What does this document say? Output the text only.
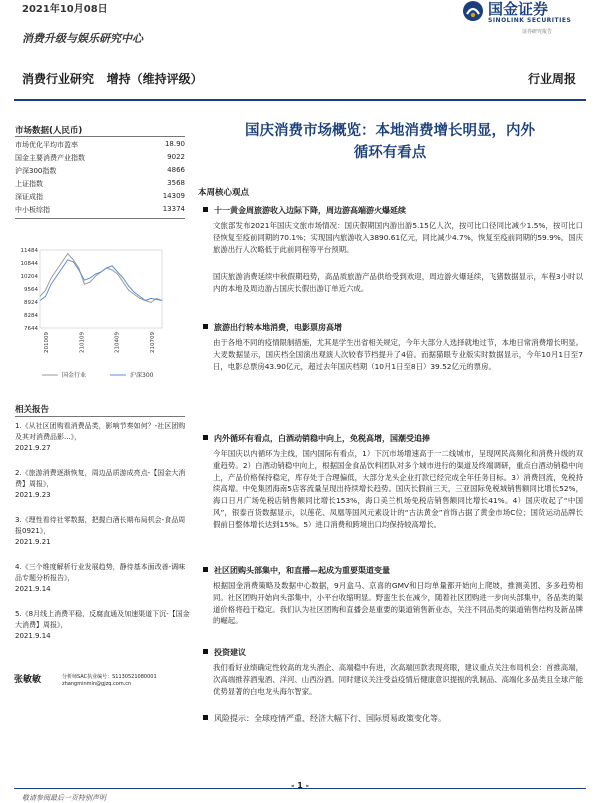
2021年10月08日	国金证券
SINOLINK SECURITIES
证券研究报告
消费升级与娱乐研究中心
消费行业研究 增持（维持评级）	行业周报
市场数据(人民币)
市场优化平均市盈率	18.90
国金主要消费产业指数	9022
沪深300指数	4866
上证指数	3568
深证成指	14309
中小板综指	13374
11484
10844
10204
9564
8924
8284
7644
201009	210109	210409	210709
国金行业	沪深300
相关报告
1.《从社区团购看消费品类，影响节奏如何？-社区团购及其对消费品影...》，
2021.9.27
2.《旅游消费逐渐恢复，周边品质游成亮点-【国金大消费】周报》，
2021.9.23
3.《理性看待社零数据，把握白酒长期布局机会-食品周报0921》，
2021.9.21
4.《三个维度解析行业发展趋势，静待基本面改善-调味品专题分析报告》，
2021.9.14
5.《8月线上消费平稳，反腐直通及加速渠道下沉-【国金大消费】周报》，
2021.9.14
张敏敏	分析师SAC执业编号：S1130521080001
zhangminmin@gjzq.com.cn
国庆消费市场概览：本地消费增长明显，内外
循环有看点
本周核心观点
十一黄金周旅游收入边际下降，周边游高端游火爆延续
文旅部发布2021年国庆文旅市场情况：国庆假期国内游出游5.15亿人次，按可比口径同比减少1.5%，按可比口径恢复至疫前同期的70.1%；实现国内旅游收入3890.61亿元，同比减少4.7%，恢复至疫前同期的59.9%。国庆旅游出行人次略低于此前同程等平台预期。
国庆旅游消费延续中秋假期趋势，高品质旅游产品供给受到欢迎，周边游火爆延续，飞猪数据显示，车程3小时以内的本地及周边游占国庆长假出游订单近六成。
旅游出行转本地消费，电影票房高增
由于各地不同的疫情限制措施，尤其是学生出省相关规定，今年大部分人选择就地过节，本地日常消费增长明显。大麦数据显示，国庆档全国演出观演人次较春节档提升了4倍。而据猫眼专业版实时数据显示，今年10月1日至7日，电影总票房43.90亿元，超过去年国庆档期（10月1日至8日）39.52亿元的票房。
内外循环有看点，白酒动销稳中向上，免税高增，国潮受追捧
今年国庆以内循环为主线，国内国际有看点，1）下沉市场增速高于一二线城市，呈现网民高频化和消费升级的双重趋势。2）白酒动销稳中向上，根据国金食品饮料团队对多个城市进行的渠道及终端调研，重点白酒动销稳中向上，产品价格保持稳定，库存处于合理偏低，大部分龙头企业打款已经完成全年任务目标。3）消费回流，免税持续高增。中免集团海南5店客流量呈现出持续增长趋势。国庆长假前三天，三亚国际免税城销售额同比增长52%，海口日月广场免税店销售额同比增长153%，海口美兰机场免税店销售额同比增长41%。4）国庆收起了“中国风”，银泰百货数据显示，以莲花、凤凰等国风元素设计的“古法黄金”首饰占据了黄金市场C位；国货运动品牌长假前日整体增长达到15%。5）进口消费和跨境出口均保持较高增长。
社区团购头部集中，和直播—起成为重要渠道变量
根据国金消费策略及数据中心数据，9月盒马、京喜的GMV和日均单量都开始向上爬坡，推测美团、多多趋势相同。社区团购开始向头部集中，小平台收缩明显。野蛮生长在减少，随着社区团购进一步向头部集中，各品类的渠道价格将趋于稳定。我们认为社区团购和直播会是重要的渠道销售新业态，关注不同品类的渠道销售结构及新品牌的崛起。
投资建议
我们看好业绩确定性较高的龙头酒企、高端稳中有进，次高端回款表现亮眼，建议重点关注布局机会：首推高端，次高端推荐酒鬼酒、洋河、山西汾酒。同时建议关注受益疫情后健康意识提振的乳制品、高端化多品类且全球产能优势显著的白电龙头海尔智家。
风险提示：全球疫情严重、经济大幅下行、国际贸易政策变化等。
- 1 -
敬请参阅最后一页特别声明
